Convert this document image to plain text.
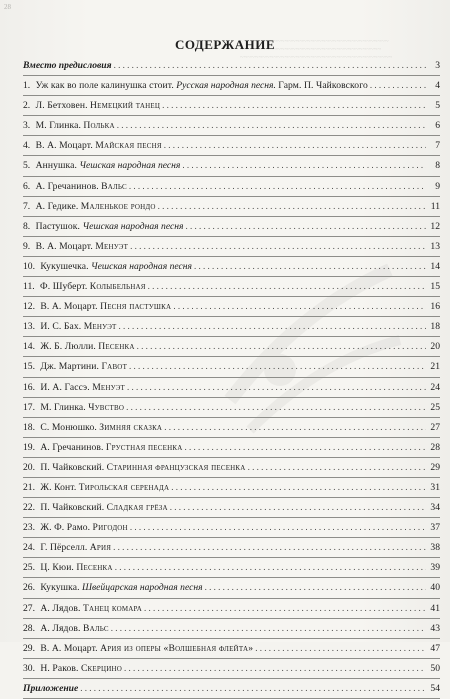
28
~~~~~~~~~~~~~~~~~~~~~~~~~~~~~~~~~~~~~~~~
~~~~~~~~~~~~~~~~~~~~~~~~~~~~~~~~~~~~~~
~~~~~~~~~~~~~~~~~~~~~~~~~~~~~~~~~~~~~~~~~
СОДЕРЖАНИЕ
Вместо предисловия . . .	3
1. Уж как во поле калинушка стоит. Русская народная песня. Гарм. П. Чайковского . . .	4
2. Л. Бетховен. Немецкий танец . . .	5
3. М. Глинка. Полька . . .	6
4. В. А. Моцарт. Майская песня . . .	7
5. Аннушка. Чешская народная песня . . .	8
6. А. Гречанинов. Вальс . . .	9
7. А. Гедике. Маленькое рондо . . .	11
8. Пастушок. Чешская народная песня . . .	12
9. В. А. Моцарт. Менуэт . . .	13
10. Кукушечка. Чешская народная песня . . .	14
11. Ф. Шуберт. Колыбельная . . .	15
12. В. А. Моцарт. Песня пастушка . . .	16
13. И. С. Бах. Менуэт . . .	18
14. Ж. Б. Люлли. Песенка . . .	20
15. Дж. Мартини. Гавот . . .	21
16. И. А. Гассэ. Менуэт . . .	24
17. М. Глинка. Чувство . . .	25
18. С. Монюшко. Зимняя сказка . . .	27
19. А. Гречанинов. Грустная песенка . . .	28
20. П. Чайковский. Старинная французская песенка . . .	29
21. Ж. Конт. Тирольская серенада . . .	31
22. П. Чайковский. Сладкая грёза . . .	34
23. Ж. Ф. Рамо. Ригодон . . .	37
24. Г. Пёрселл. Ария . . .	38
25. Ц. Кюи. Песенка . . .	39
26. Кукушка. Швейцарская народная песня . . .	40
27. А. Лядов. Танец комара . . .	41
28. А. Лядов. Вальс . . .	43
29. В. А. Моцарт. Ария из оперы «Волшебная флейта» . . .	47
30. Н. Раков. Скерцино . . .	50
Приложение . . .	54
